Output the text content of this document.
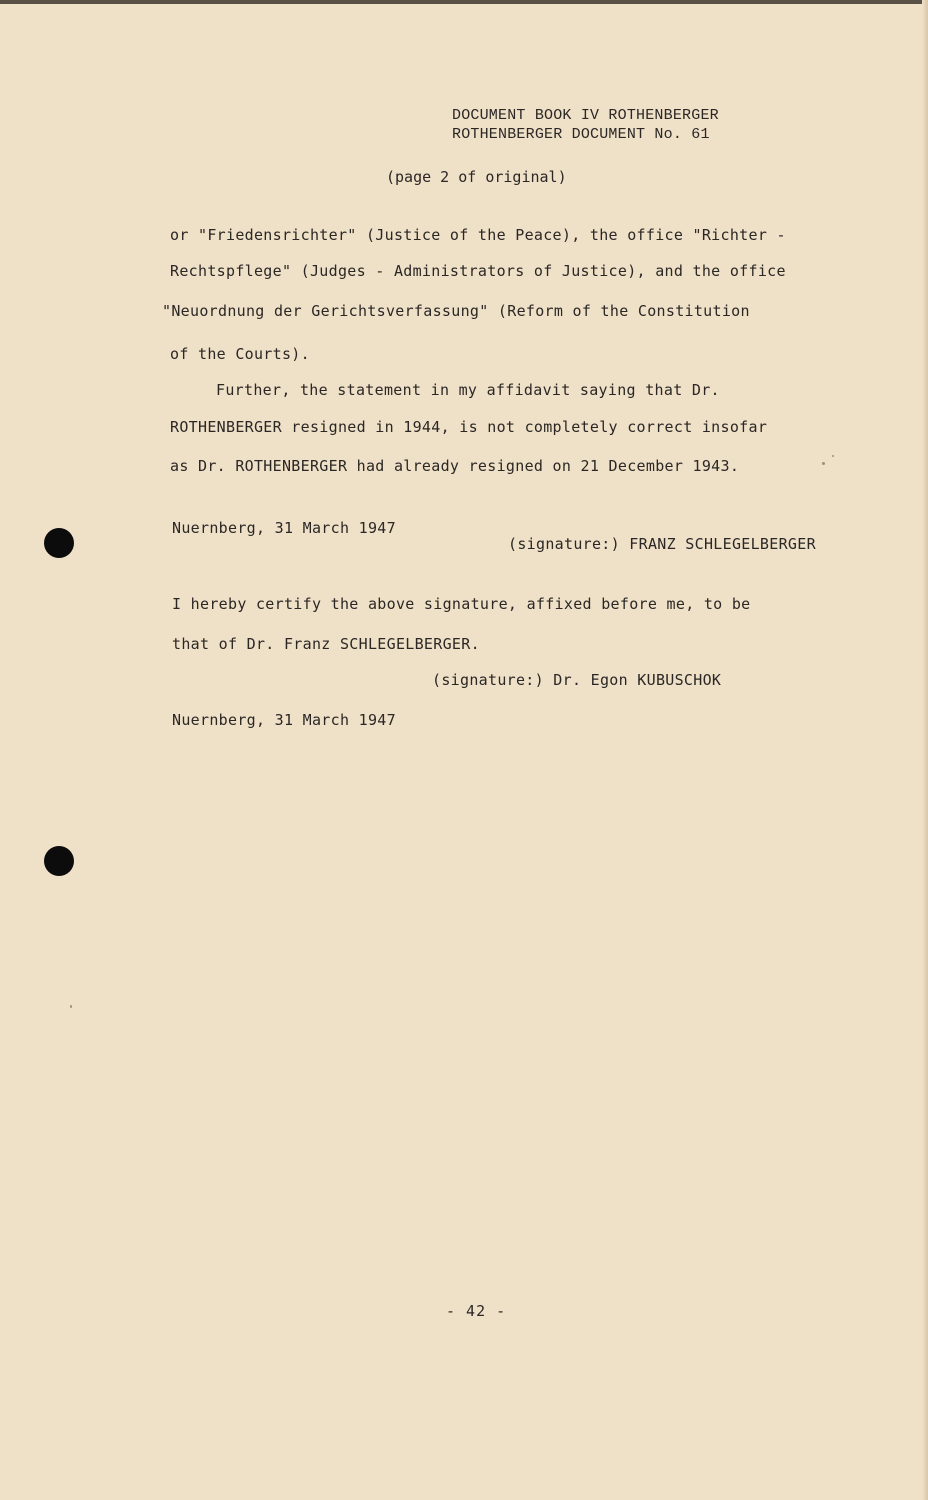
DOCUMENT BOOK IV ROTHENBERGER
ROTHENBERGER DOCUMENT No. 61
(page 2 of original)
or "Friedensrichter" (Justice of the Peace), the office "Richter -
Rechtspflege" (Judges - Administrators of Justice), and the office
"Neuordnung der Gerichtsverfassung" (Reform of the Constitution
of the Courts).
Further, the statement in my affidavit saying that Dr.
ROTHENBERGER resigned in 1944, is not completely correct insofar
as Dr. ROTHENBERGER had already resigned on 21 December 1943.
Nuernberg, 31 March 1947
(signature:) FRANZ SCHLEGELBERGER
I hereby certify the above signature, affixed before me, to be
that of Dr. Franz SCHLEGELBERGER.
(signature:) Dr. Egon KUBUSCHOK
Nuernberg, 31 March 1947
- 42 -
